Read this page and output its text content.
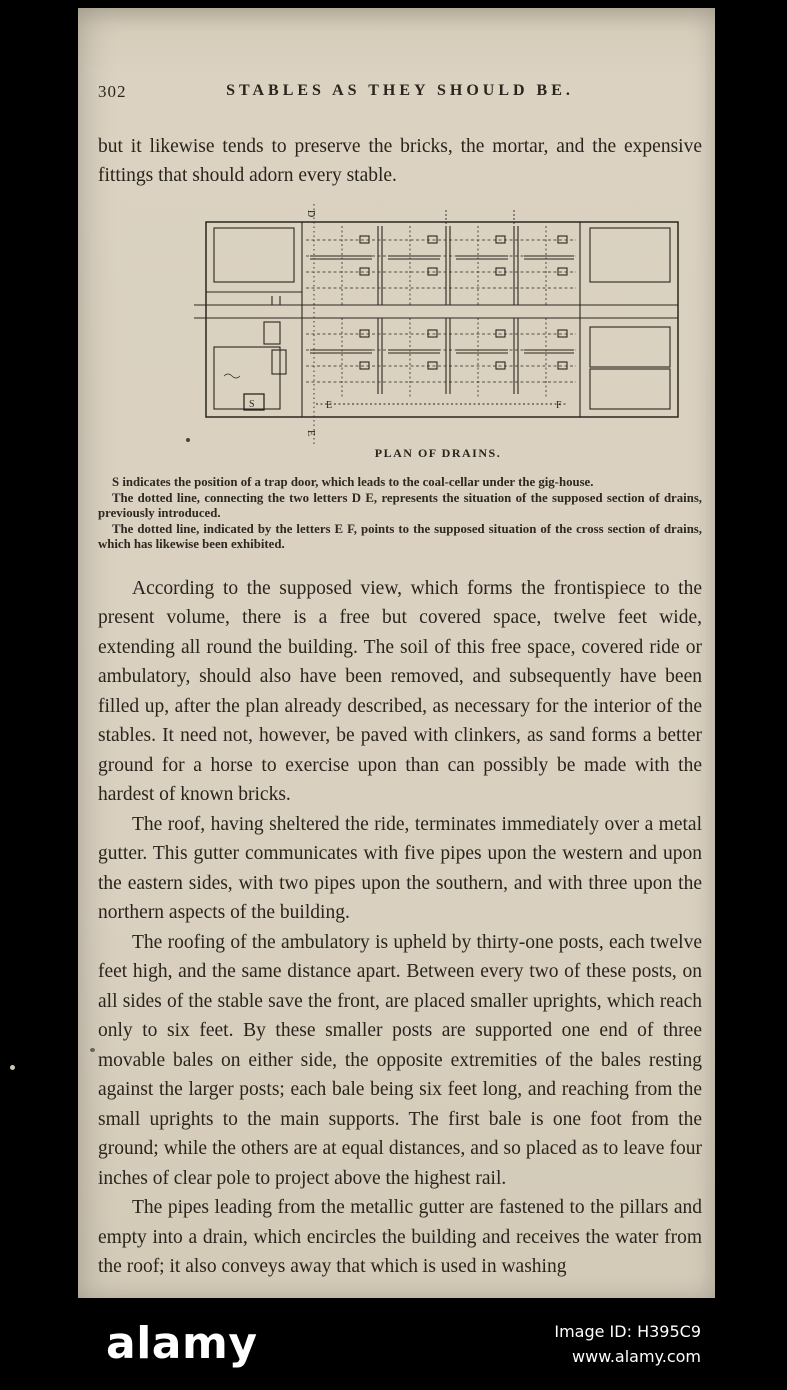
302	STABLES AS THEY SHOULD BE.

but it likewise tends to preserve the bricks, the mortar, and the expensive fittings that should adorn every stable.

D
E
S	E	F
PLAN OF DRAINS.

S indicates the position of a trap door, which leads to the coal-cellar under the gig-house.

The dotted line, connecting the two letters D E, represents the situation of the supposed section of drains, previously introduced.

The dotted line, indicated by the letters E F, points to the supposed situation of the cross section of drains, which has likewise been exhibited.

According to the supposed view, which forms the frontispiece to the present volume, there is a free but covered space, twelve feet wide, extending all round the building. The soil of this free space, covered ride or ambulatory, should also have been removed, and subsequently have been filled up, after the plan already described, as necessary for the interior of the stables. It need not, however, be paved with clinkers, as sand forms a better ground for a horse to exercise upon than can possibly be made with the hardest of known bricks.

The roof, having sheltered the ride, terminates immediately over a metal gutter. This gutter communicates with five pipes upon the western and upon the eastern sides, with two pipes upon the southern, and with three upon the northern aspects of the building.

The roofing of the ambulatory is upheld by thirty-one posts, each twelve feet high, and the same distance apart. Between every two of these posts, on all sides of the stable save the front, are placed smaller uprights, which reach only to six feet. By these smaller posts are supported one end of three movable bales on either side, the opposite extremities of the bales resting against the larger posts; each bale being six feet long, and reaching from the small uprights to the main supports. The first bale is one foot from the ground; while the others are at equal distances, and so placed as to leave four inches of clear pole to project above the highest rail.

The pipes leading from the metallic gutter are fastened to the pillars and empty into a drain, which encircles the building and receives the water from the roof; it also conveys away that which is used in washing

alamy	Image ID: H395C9
www.alamy.com
